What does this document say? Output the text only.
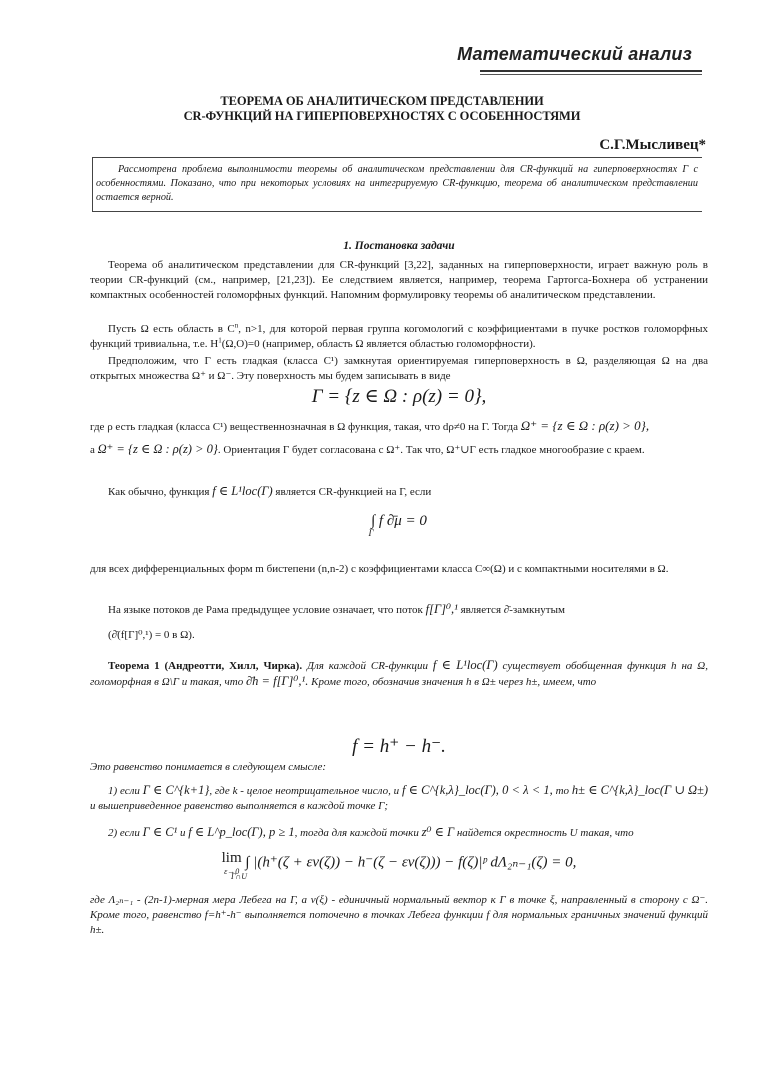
Математический анализ
ТЕОРЕМА ОБ АНАЛИТИЧЕСКОМ ПРЕДСТАВЛЕНИИ
CR-ФУНКЦИЙ НА ГИПЕРПОВЕРХНОСТЯХ С ОСОБЕННОСТЯМИ
С.Г.Мысливец*
Рассмотрена проблема выполнимости теоремы об аналитическом представлении для CR-функций на гиперповерхностях Γ с особенностями. Показано, что при некоторых условиях на интегрируемую CR-функцию, теорема об аналитическом представлении остается верной.
1. Постановка задачи
Теорема об аналитическом представлении для CR-функций [3,22], заданных на гиперповерхности, играет важную роль в теории CR-функций (см., например, [21,23]). Ее следствием является, например, теорема Гартогса-Бохнера об устранении компактных особенностей голоморфных функций. Напомним формулировку теоремы об аналитическом представлении.
Пусть Ω есть область в $C^n$, n>1, для которой первая группа когомологий с коэффициентами в пучке ростков голоморфных функций тривиальна, т.е. $H^1(\Omega,O)=0$ (например, область Ω является областью голоморфности).
Предположим, что Γ есть гладкая (класса C¹) замкнутая ориентируемая гиперповерхность в Ω, разделяющая Ω на два открытых множества Ω⁺ и Ω⁻. Эту поверхность мы будем записывать в виде
Γ = {z ∈ Ω : ρ(z) = 0},
где ρ есть гладкая (класса C¹) вещественнозначная в Ω функция, такая, что dρ≠0 на Γ. Тогда Ω⁺ = {z ∈ Ω : ρ(z) > 0},
а Ω⁺ = {z ∈ Ω : ρ(z) > 0}. Ориентация Γ будет согласована с Ω⁺. Так что, Ω⁺∪Γ есть гладкое многообразие с краем.
Как обычно, функция f ∈ L¹loc(Γ) является CR-функцией на Γ, если
∫ f ∂̄μ = 0
Γ
для всех дифференциальных форм m бистепени (n,n-2) с коэффициентами класса C∞(Ω) и с компактными носителями в Ω.
На языке потоков де Рама предыдущее условие означает, что поток f[Γ]⁰,¹ является ∂̄-замкнутым
(∂̄(f[Γ]⁰,¹) = 0 в Ω).
Теорема 1 (Андреотти, Хилл, Чирка). Для каждой CR-функции f ∈ L¹loc(Γ) существует обобщенная функция h на Ω, голоморфная в Ω\Γ и такая, что ∂̄h = f[Γ]⁰,¹. Кроме того, обозначив значения h в Ω± через h±, имеем, что
f = h⁺ − h⁻.
Это равенство понимается в следующем смысле:
1) если Γ ∈ C^{k+1}, где k - целое неотрицательное число, и f ∈ C^{k,λ}_loc(Γ), 0 < λ < 1, то h± ∈ C^{k,λ}_loc(Γ ∪ Ω±) и вышеприведенное равенство выполняется в каждой точке Γ;
2) если Γ ∈ C¹ и f ∈ L^p_loc(Γ), p ≥ 1, тогда для каждой точки z⁰ ∈ Γ найдется окрестность U такая, что
lim
ε→0
∫ |(h⁺(ζ + εν(ζ)) − h⁻(ζ − εν(ζ))) − f(ζ)|ᵖ dΛ₂ₙ₋₁(ζ) = 0,
Γ∩U
где Λ₂ₙ₋₁ - (2n-1)-мерная мера Лебега на Γ, а ν(ξ) - единичный нормальный вектор к Γ в точке ξ, направленный в сторону с Ω⁻. Кроме того, равенство f=h⁺-h⁻ выполняется поточечно в точках Лебега функции f для нормальных граничных значений функций h±.
